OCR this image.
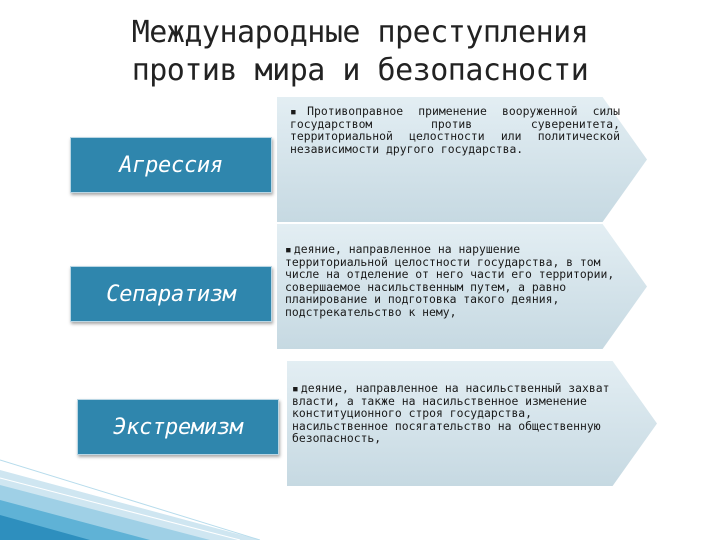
Международные преступления
против мира и безопасности
Агрессия
▪ Противоправное применение вооруженной силы государством против суверенитета, территориальной целостности или политической независимости другого государства.
Сепаратизм
▪ деяние, направленное на нарушение территориальной целостности государства, в том числе на отделение от него части его территории, совершаемое насильственным путем, а равно планирование и подготовка такого деяния, подстрекательство к нему,
Экстремизм
▪ деяние, направленное на насильственный захват власти, а также на насильственное изменение конституционного строя государства, насильственное посягательство на общественную безопасность,
